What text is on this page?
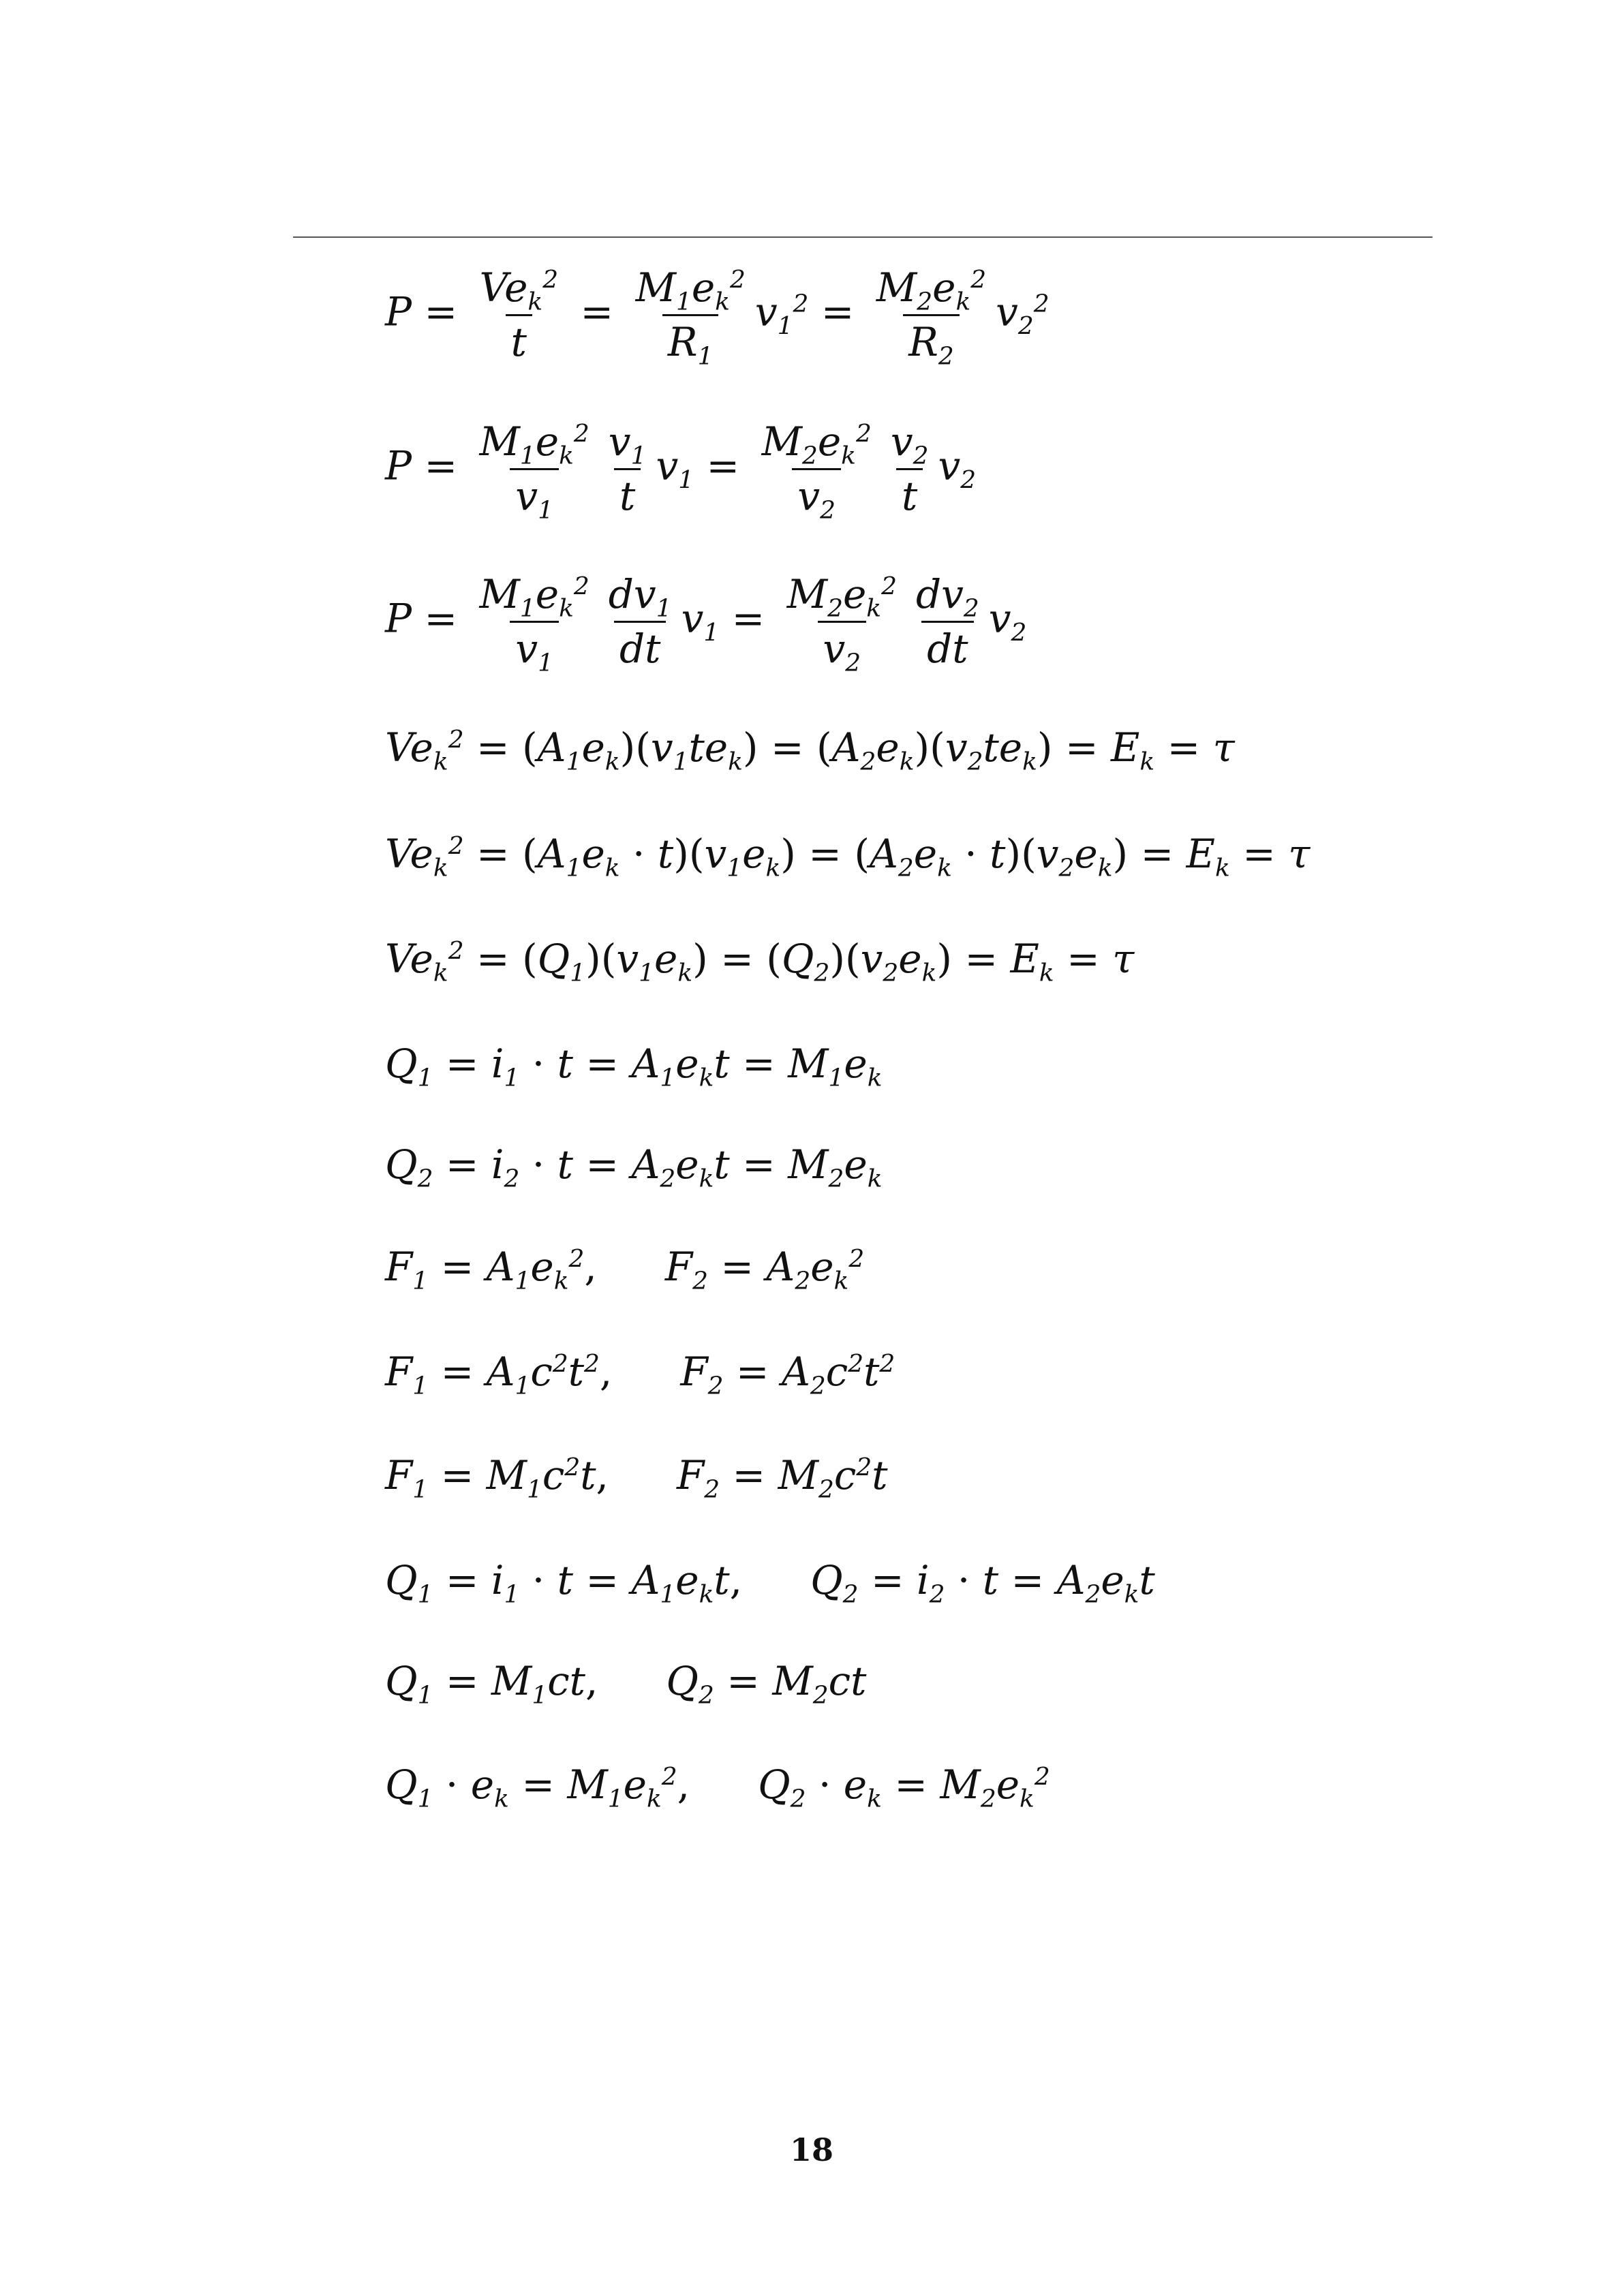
$P = \frac{Ve_k^2}{t} = \frac{M_1e_k^2}{R_1} v_1^2 = \frac{M_2e_k^2}{R_2} v_2^2$
$P = \frac{M_1e_k^2}{v_1} \frac{v_1}{t} v_1 = \frac{M_2e_k^2}{v_2} \frac{v_2}{t} v_2$
$P = \frac{M_1e_k^2}{v_1} \frac{dv_1}{dt} v_1 = \frac{M_2e_k^2}{v_2} \frac{dv_2}{dt} v_2$
$Ve_k^2 = (A_1e_k)(v_1te_k) = (A_2e_k)(v_2te_k) = E_k = \tau$
$Ve_k^2 = (A_1e_k \cdot t)(v_1e_k) = (A_2e_k \cdot t)(v_2e_k) = E_k = \tau$
$Ve_k^2 = (Q_1)(v_1e_k) = (Q_2)(v_2e_k) = E_k = \tau$
$Q_1 = i_1 \cdot t = A_1e_kt = M_1e_k$
$Q_2 = i_2 \cdot t = A_2e_kt = M_2e_k$
$F_1 = A_1e_k^2$, $F_2 = A_2e_k^2$
$F_1 = A_1c^2t^2$, $F_2 = A_2c^2t^2$
$F_1 = M_1c^2t$, $F_2 = M_2c^2t$
$Q_1 = i_1 \cdot t = A_1e_kt$, $Q_2 = i_2 \cdot t = A_2e_kt$
$Q_1 = M_1ct$, $Q_2 = M_2ct$
$Q_1 \cdot e_k = M_1e_k^2$, $Q_2 \cdot e_k = M_2e_k^2$
18
